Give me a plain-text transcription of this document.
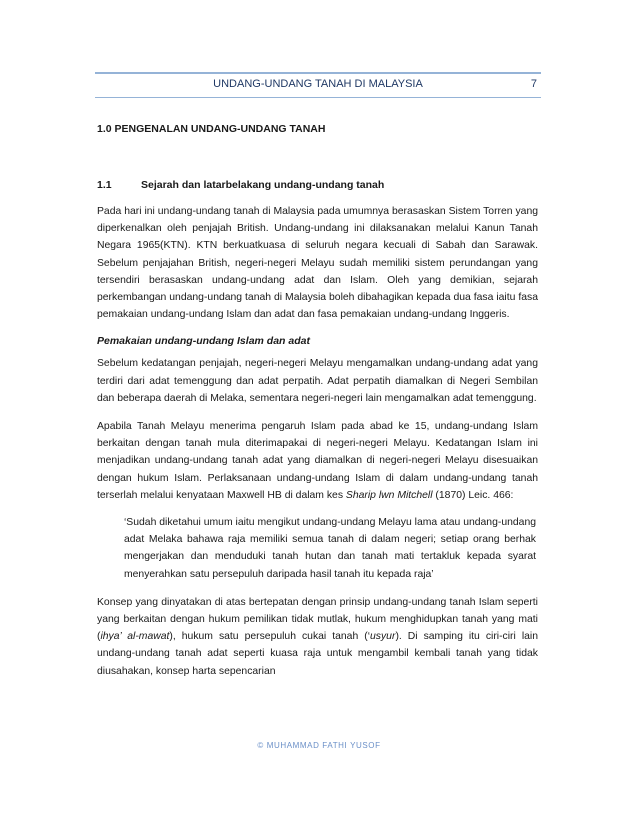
UNDANG-UNDANG TANAH DI MALAYSIA	7
1.0 PENGENALAN UNDANG-UNDANG TANAH
1.1	Sejarah dan latarbelakang undang-undang tanah

Pada hari ini undang-undang tanah di Malaysia pada umumnya berasaskan Sistem Torren yang diperkenalkan oleh penjajah British. Undang-undang ini dilaksanakan melalui Kanun Tanah Negara 1965(KTN). KTN berkuatkuasa di seluruh negara kecuali di Sabah dan Sarawak. Sebelum penjajahan British, negeri-negeri Melayu sudah memiliki sistem perundangan yang tersendiri berasaskan undang-undang adat dan Islam. Oleh yang demikian, sejarah perkembangan undang-undang tanah di Malaysia boleh dibahagikan kepada dua fasa iaitu fasa pemakaian undang-undang Islam dan adat dan fasa pemakaian undang-undang Inggeris.

Pemakaian undang-undang Islam dan adat

Sebelum kedatangan penjajah, negeri-negeri Melayu mengamalkan undang-undang adat yang terdiri dari adat temenggung dan adat perpatih. Adat perpatih diamalkan di Negeri Sembilan dan beberapa daerah di Melaka, sementara negeri-negeri lain mengamalkan adat temenggung.

Apabila Tanah Melayu menerima pengaruh Islam pada abad ke 15, undang-undang Islam berkaitan dengan tanah mula diterimapakai di negeri-negeri Melayu. Kedatangan Islam ini menjadikan undang-undang tanah adat yang diamalkan di negeri-negeri Melayu disesuaikan dengan hukum Islam. Perlaksanaan undang-undang Islam di dalam undang-undang tanah terserlah melalui kenyataan Maxwell HB di dalam kes Sharip lwn Mitchell (1870) Leic. 466:

‘Sudah diketahui umum iaitu mengikut undang-undang Melayu lama atau undang-undang adat Melaka bahawa raja memiliki semua tanah di dalam negeri; setiap orang berhak mengerjakan dan menduduki tanah hutan dan tanah mati tertakluk kepada syarat menyerahkan satu persepuluh daripada hasil tanah itu kepada raja’

Konsep yang dinyatakan di atas bertepatan dengan prinsip undang-undang tanah Islam seperti yang berkaitan dengan hukum pemilikan tidak mutlak, hukum menghidupkan tanah yang mati (ihya’ al-mawat), hukum satu persepuluh cukai tanah (‘usyur). Di samping itu ciri-ciri lain undang-undang tanah adat seperti kuasa raja untuk mengambil kembali tanah yang tidak diusahakan, konsep harta sepencarian

© MUHAMMAD FATHI YUSOF
